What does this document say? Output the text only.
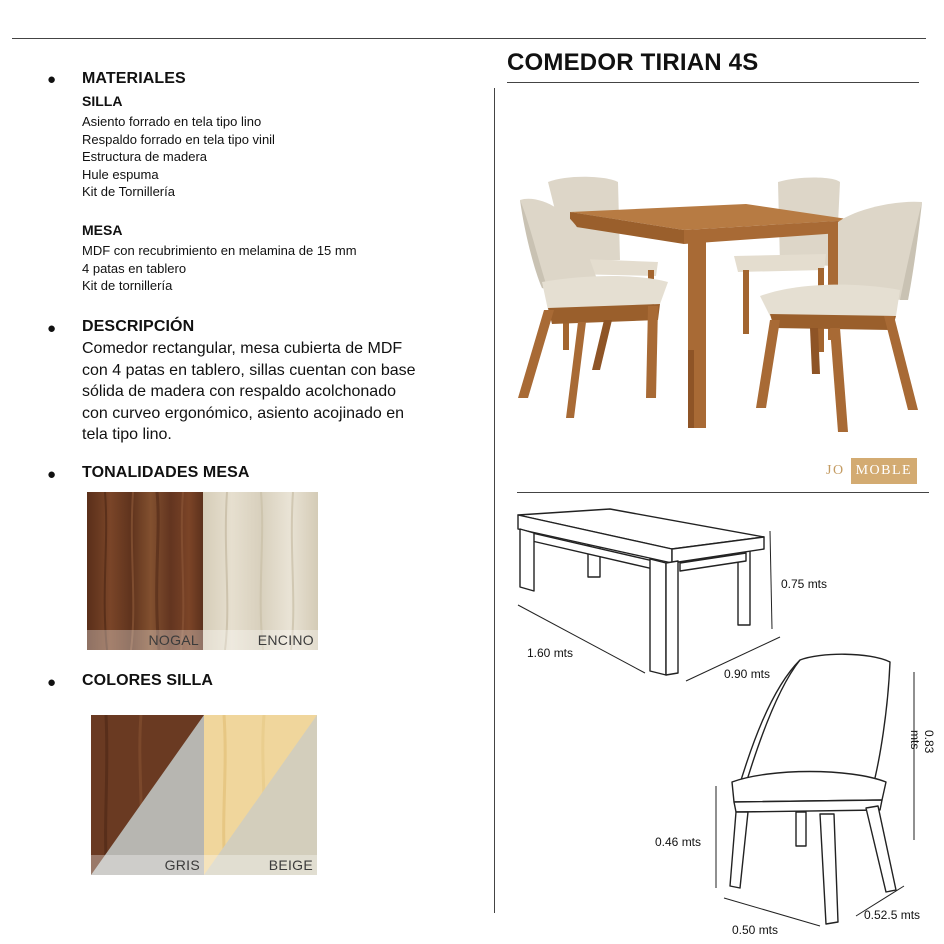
● MATERIALES
SILLA
Asiento forrado en tela tipo lino
Respaldo forrado en tela tipo vinil
Estructura de madera
Hule espuma
Kit de Tornillería
MESA
MDF con recubrimiento en melamina de 15 mm
4 patas en tablero
Kit de tornillería
● DESCRIPCIÓN
Comedor rectangular, mesa cubierta de MDF
con 4 patas en tablero, sillas cuentan con base
sólida de madera con respaldo acolchonado
con curveo ergonómico, asiento acojinado en
tela tipo lino.
● TONALIDADES MESA
NOGAL	ENCINO
● COLORES SILLA
GRIS	BEIGE
COMEDOR TIRIAN 4S
JO MOBLE
0.75 mts
1.60 mts
0.90 mts
0.83 mts
0.46 mts
0.50 mts
0.52.5 mts
